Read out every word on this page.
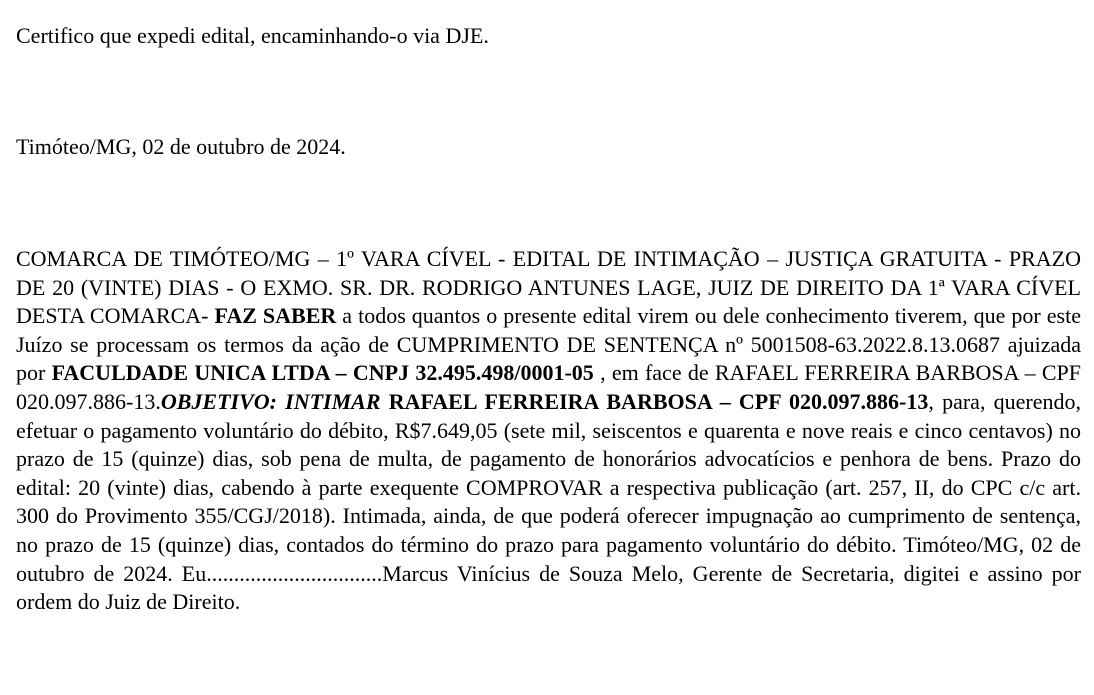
Certifico que expedi edital, encaminhando-o via DJE.
Timóteo/MG, 02 de outubro de 2024.

COMARCA DE TIMÓTEO/MG – 1º VARA CÍVEL - EDITAL DE INTIMAÇÃO – JUSTIÇA GRATUITA - PRAZO DE 20 (VINTE) DIAS - O EXMO. SR. DR. RODRIGO ANTUNES LAGE, JUIZ DE DIREITO DA 1ª VARA CÍVEL DESTA COMARCA- FAZ SABER a todos quantos o presente edital virem ou dele conhecimento tiverem, que por este Juízo se processam os termos da ação de CUMPRIMENTO DE SENTENÇA nº 5001508-63.2022.8.13.0687 ajuizada por FACULDADE UNICA LTDA – CNPJ 32.495.498/0001-05 , em face de RAFAEL FERREIRA BARBOSA – CPF 020.097.886-13.OBJETIVO: INTIMAR RAFAEL FERREIRA BARBOSA – CPF 020.097.886-13, para, querendo, efetuar o pagamento voluntário do débito, R$7.649,05 (sete mil, seiscentos e quarenta e nove reais e cinco centavos) no prazo de 15 (quinze) dias, sob pena de multa, de pagamento de honorários advocatícios e penhora de bens. Prazo do edital: 20 (vinte) dias, cabendo à parte exequente COMPROVAR a respectiva publicação (art. 257, II, do CPC c/c art. 300 do Provimento 355/CGJ/2018). Intimada, ainda, de que poderá oferecer impugnação ao cumprimento de sentença, no prazo de 15 (quinze) dias, contados do término do prazo para pagamento voluntário do débito. Timóteo/MG, 02 de outubro de 2024. Eu................................Marcus Vinícius de Souza Melo, Gerente de Secretaria, digitei e assino por ordem do Juiz de Direito.
